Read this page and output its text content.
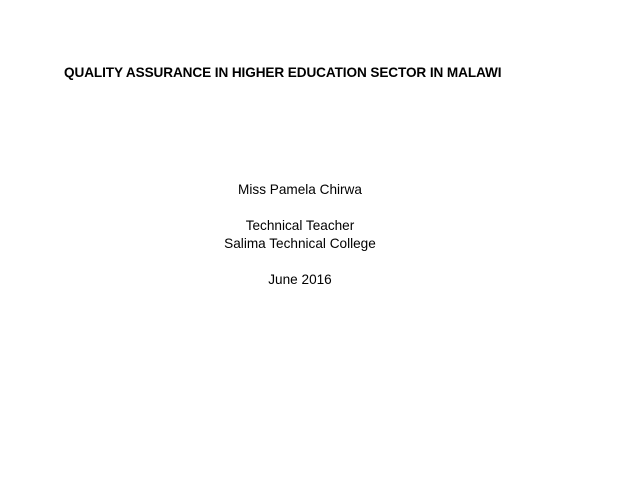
QUALITY ASSURANCE IN HIGHER EDUCATION SECTOR IN MALAWI
Miss Pamela Chirwa
Technical Teacher
Salima Technical College
June 2016
